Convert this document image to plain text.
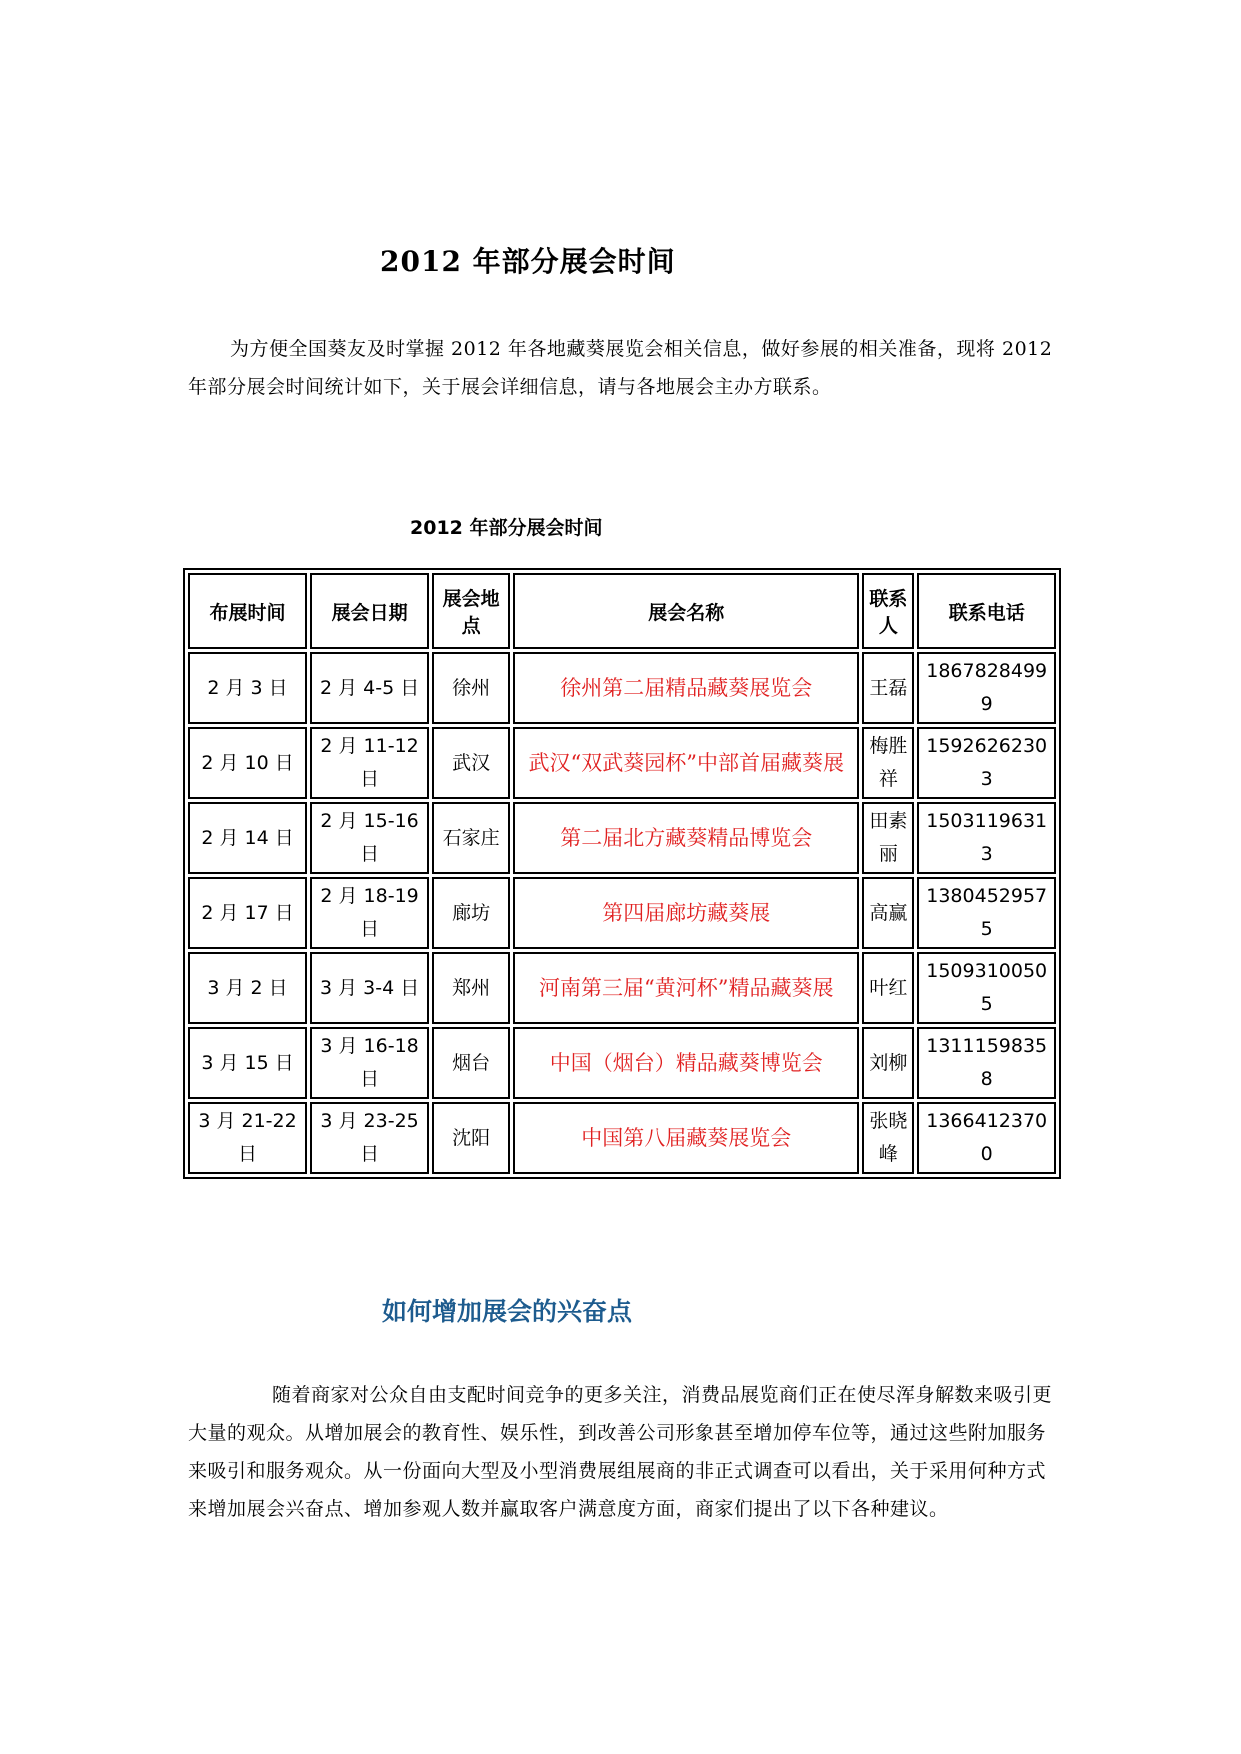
2012 年部分展会时间

为方便全国葵友及时掌握 2012 年各地藏葵展览会相关信息，做好参展的相关准备，现将 2012 年部分展会时间统计如下，关于展会详细信息，请与各地展会主办方联系。

2012 年部分展会时间
布展时间	展会日期	展会地点	展会名称	联系人	联系电话
2 月 3 日	2 月 4-5 日	徐州	徐州第二届精品藏葵展览会	王磊	18678284999
2 月 10 日	2 月 11-12 日	武汉	武汉“双武葵园杯”中部首届藏葵展	梅胜祥	15926262303
2 月 14 日	2 月 15-16 日	石家庄	第二届北方藏葵精品博览会	田素丽	15031196313
2 月 17 日	2 月 18-19 日	廊坊	第四届廊坊藏葵展	高赢	13804529575
3 月 2 日	3 月 3-4 日	郑州	河南第三届“黄河杯”精品藏葵展	叶红	15093100505
3 月 15 日	3 月 16-18 日	烟台	中国（烟台）精品藏葵博览会	刘柳	13111598358
3 月 21-22 日	3 月 23-25 日	沈阳	中国第八届藏葵展览会	张晓峰	13664123700
如何增加展会的兴奋点

随着商家对公众自由支配时间竞争的更多关注，消费品展览商们正在使尽浑身解数来吸引更大量的观众。从增加展会的教育性、娱乐性，到改善公司形象甚至增加停车位等，通过这些附加服务来吸引和服务观众。从一份面向大型及小型消费展组展商的非正式调查可以看出，关于采用何种方式来增加展会兴奋点、增加参观人数并赢取客户满意度方面，商家们提出了以下各种建议。
